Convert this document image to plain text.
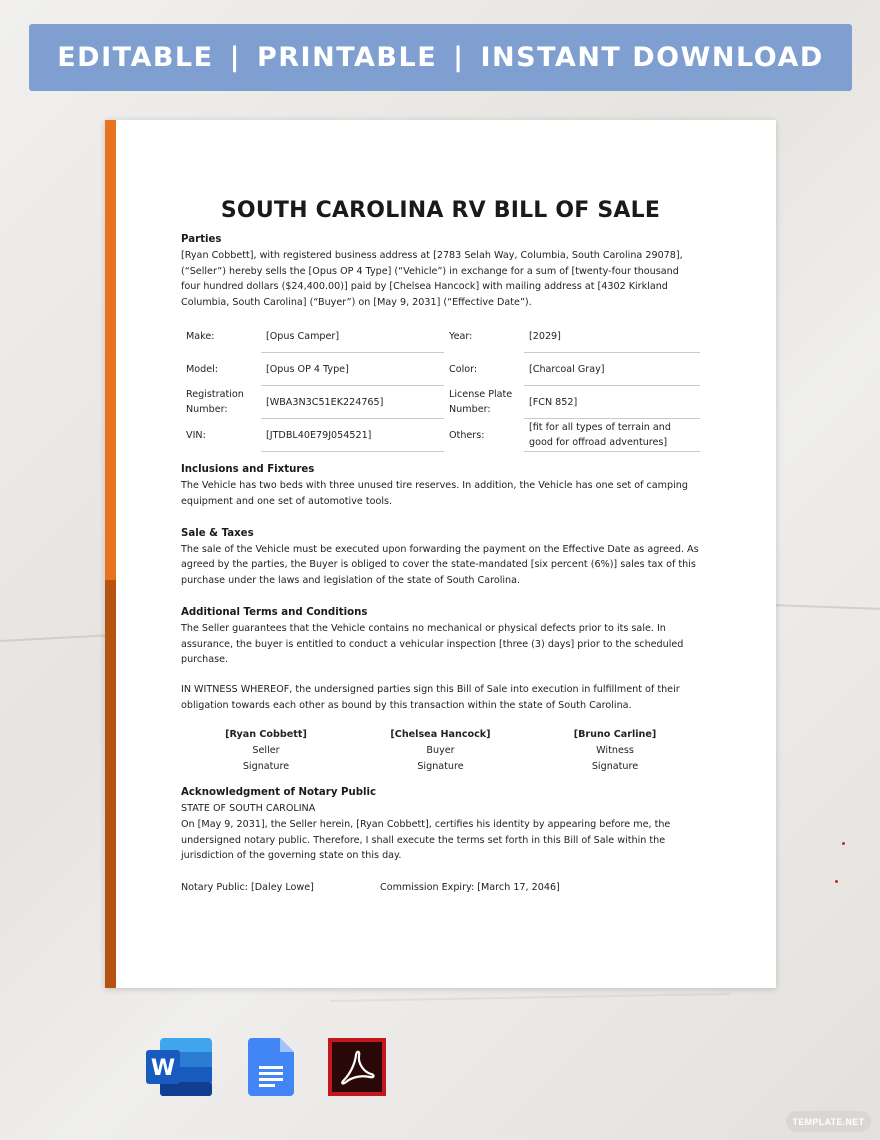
EDITABLE | PRINTABLE | INSTANT DOWNLOAD
SOUTH CAROLINA RV BILL OF SALE
Parties
[Ryan Cobbett], with registered business address at [2783 Selah Way, Columbia, South Carolina 29078], (“Seller”) hereby sells the [Opus OP 4 Type] (“Vehicle”) in exchange for a sum of [twenty-four thousand four hundred dollars ($24,400.00)] paid by [Chelsea Hancock] with mailing address at [4302 Kirkland Columbia, South Carolina] (“Buyer”) on [May 9, 2031] (“Effective Date”).
Make:	[Opus Camper]	Year:	[2029]
Model:	[Opus OP 4 Type]	Color:	[Charcoal Gray]
Registration Number:	[WBA3N3C51EK224765]	License Plate Number:	[FCN 852]
VIN:	[JTDBL40E79J054521]	Others:	[fit for all types of terrain and good for offroad adventures]
Inclusions and Fixtures
The Vehicle has two beds with three unused tire reserves. In addition, the Vehicle has one set of camping equipment and one set of automotive tools.
Sale & Taxes
The sale of the Vehicle must be executed upon forwarding the payment on the Effective Date as agreed. As agreed by the parties, the Buyer is obliged to cover the state-mandated [six percent (6%)] sales tax of this purchase under the laws and legislation of the state of South Carolina.
Additional Terms and Conditions
The Seller guarantees that the Vehicle contains no mechanical or physical defects prior to its sale. In assurance, the buyer is entitled to conduct a vehicular inspection [three (3) days] prior to the scheduled purchase.
IN WITNESS WHEREOF, the undersigned parties sign this Bill of Sale into execution in fulfillment of their obligation towards each other as bound by this transaction within the state of South Carolina.
[Ryan Cobbett]
Seller
Signature
[Chelsea Hancock]
Buyer
Signature
[Bruno Carline]
Witness
Signature
Acknowledgment of Notary Public
STATE OF SOUTH CAROLINA
On [May 9, 2031], the Seller herein, [Ryan Cobbett], certifies his identity by appearing before me, the undersigned notary public. Therefore, I shall execute the terms set forth in this Bill of Sale within the jurisdiction of the governing state on this day.
Notary Public: [Daley Lowe]	Commission Expiry: [March 17, 2046]
W
TEMPLATE.NET
